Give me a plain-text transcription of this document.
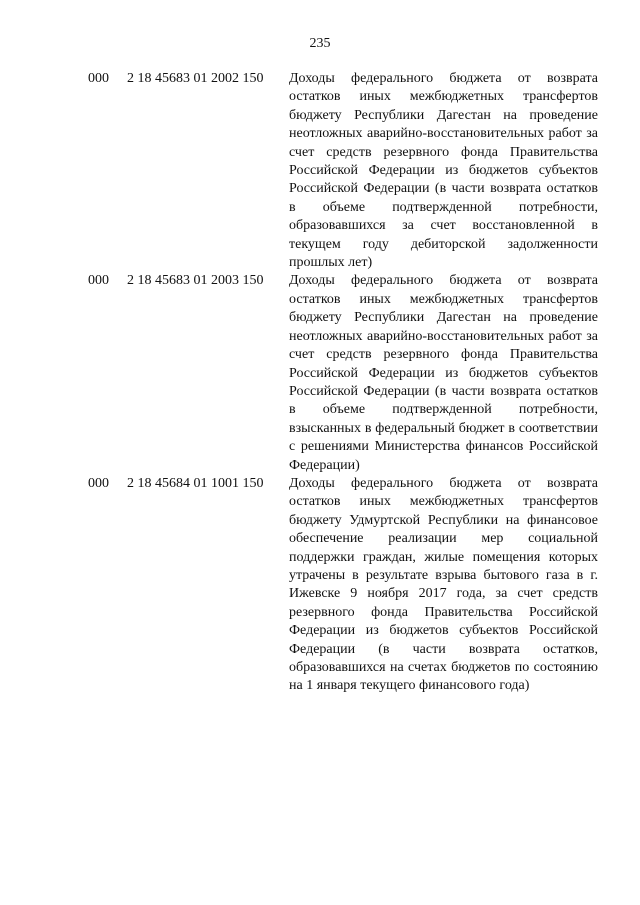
235
000 2 18 45683 01 2002 150 Доходы федерального бюджета от возврата остатков иных межбюджетных трансфертов бюджету Республики Дагестан на проведение неотложных аварийно-восстановительных работ за счет средств резервного фонда Правительства Российской Федерации из бюджетов субъектов Российской Федерации (в части возврата остатков в объеме подтвержденной потребности, образовавшихся за счет восстановленной в текущем году дебиторской задолженности прошлых лет)
000 2 18 45683 01 2003 150 Доходы федерального бюджета от возврата остатков иных межбюджетных трансфертов бюджету Республики Дагестан на проведение неотложных аварийно-восстановительных работ за счет средств резервного фонда Правительства Российской Федерации из бюджетов субъектов Российской Федерации (в части возврата остатков в объеме подтвержденной потребности, взысканных в федеральный бюджет в соответствии с решениями Министерства финансов Российской Федерации)
000 2 18 45684 01 1001 150 Доходы федерального бюджета от возврата остатков иных межбюджетных трансфертов бюджету Удмуртской Республики на финансовое обеспечение реализации мер социальной поддержки граждан, жилые помещения которых утрачены в результате взрыва бытового газа в г. Ижевске 9 ноября 2017 года, за счет средств резервного фонда Правительства Российской Федерации из бюджетов субъектов Российской Федерации (в части возврата остатков, образовавшихся на счетах бюджетов по состоянию на 1 января текущего финансового года)
